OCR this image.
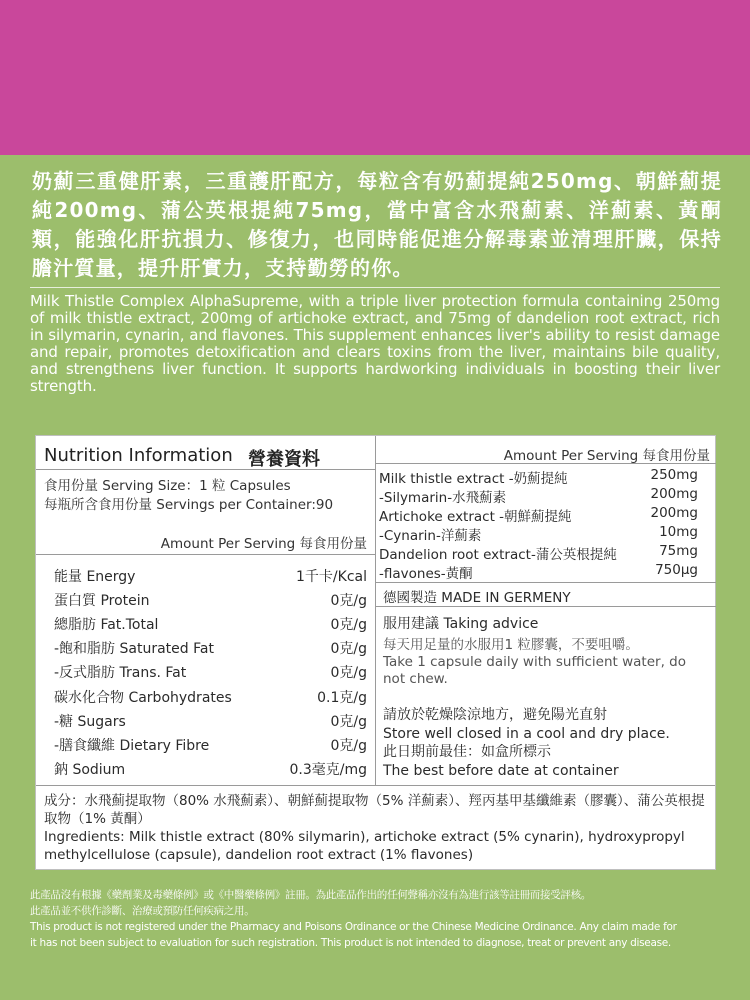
奶薊三重健肝素，三重護肝配方，每粒含有奶薊提純250mg、朝鮮薊提純200mg、蒲公英根提純75mg，當中富含水飛薊素、洋薊素、黃酮類，能強化肝抗損力、修復力，也同時能促進分解毒素並清理肝臟，保持膽汁質量，提升肝實力，支持勤勞的你。
Milk Thistle Complex AlphaSupreme, with a triple liver protection formula containing 250mg of milk thistle extract, 200mg of artichoke extract, and 75mg of dandelion root extract, rich in silymarin, cynarin, and flavones. This supplement enhances liver's ability to resist damage and repair, promotes detoxification and clears toxins from the liver, maintains bile quality, and strengthens liver function. It supports hardworking individuals in boosting their liver strength.
Nutrition Information 營養資料
食用份量 Serving Size：1 粒 Capsules
每瓶所含食用份量 Servings per Container:90
Amount Per Serving 每食用份量
能量 Energy	1千卡/Kcal
蛋白質 Protein	0克/g
總脂肪 Fat.Total	0克/g
-飽和脂肪 Saturated Fat	0克/g
-反式脂肪 Trans. Fat	0克/g
碳水化合物 Carbohydrates	0.1克/g
-糖 Sugars	0克/g
-膳食纖維 Dietary Fibre	0克/g
鈉 Sodium	0.3毫克/mg
Amount Per Serving 每食用份量
Milk thistle extract -奶薊提純	250mg
-Silymarin-水飛薊素	200mg
Artichoke extract -朝鮮薊提純	200mg
-Cynarin-洋薊素	10mg
Dandelion root extract-蒲公英根提純	75mg
-flavones-黃酮	750μg
德國製造 MADE IN GERMENY
服用建議 Taking advice
每天用足量的水服用1 粒膠囊，不要咀嚼。
Take 1 capsule daily with sufficient water, do not chew.
請放於乾燥陰涼地方，避免陽光直射
Store well closed in a cool and dry place.
此日期前最佳：如盒所標示
The best before date at container
成分：水飛薊提取物（80% 水飛薊素）、朝鮮薊提取物（5% 洋薊素）、羥丙基甲基纖維素（膠囊）、蒲公英根提取物（1% 黃酮）
Ingredients: Milk thistle extract (80% silymarin), artichoke extract (5% cynarin), hydroxypropyl methylcellulose (capsule), dandelion root extract (1% flavones)
此產品沒有根據《藥劑業及毒藥條例》或《中醫藥條例》註冊。為此產品作出的任何聲稱亦沒有為進行該等註冊而接受評核。
此產品並不供作診斷、治療或預防任何疾病之用。
This product is not registered under the Pharmacy and Poisons Ordinance or the Chinese Medicine Ordinance. Any claim made for
it has not been subject to evaluation for such registration. This product is not intended to diagnose, treat or prevent any disease.
